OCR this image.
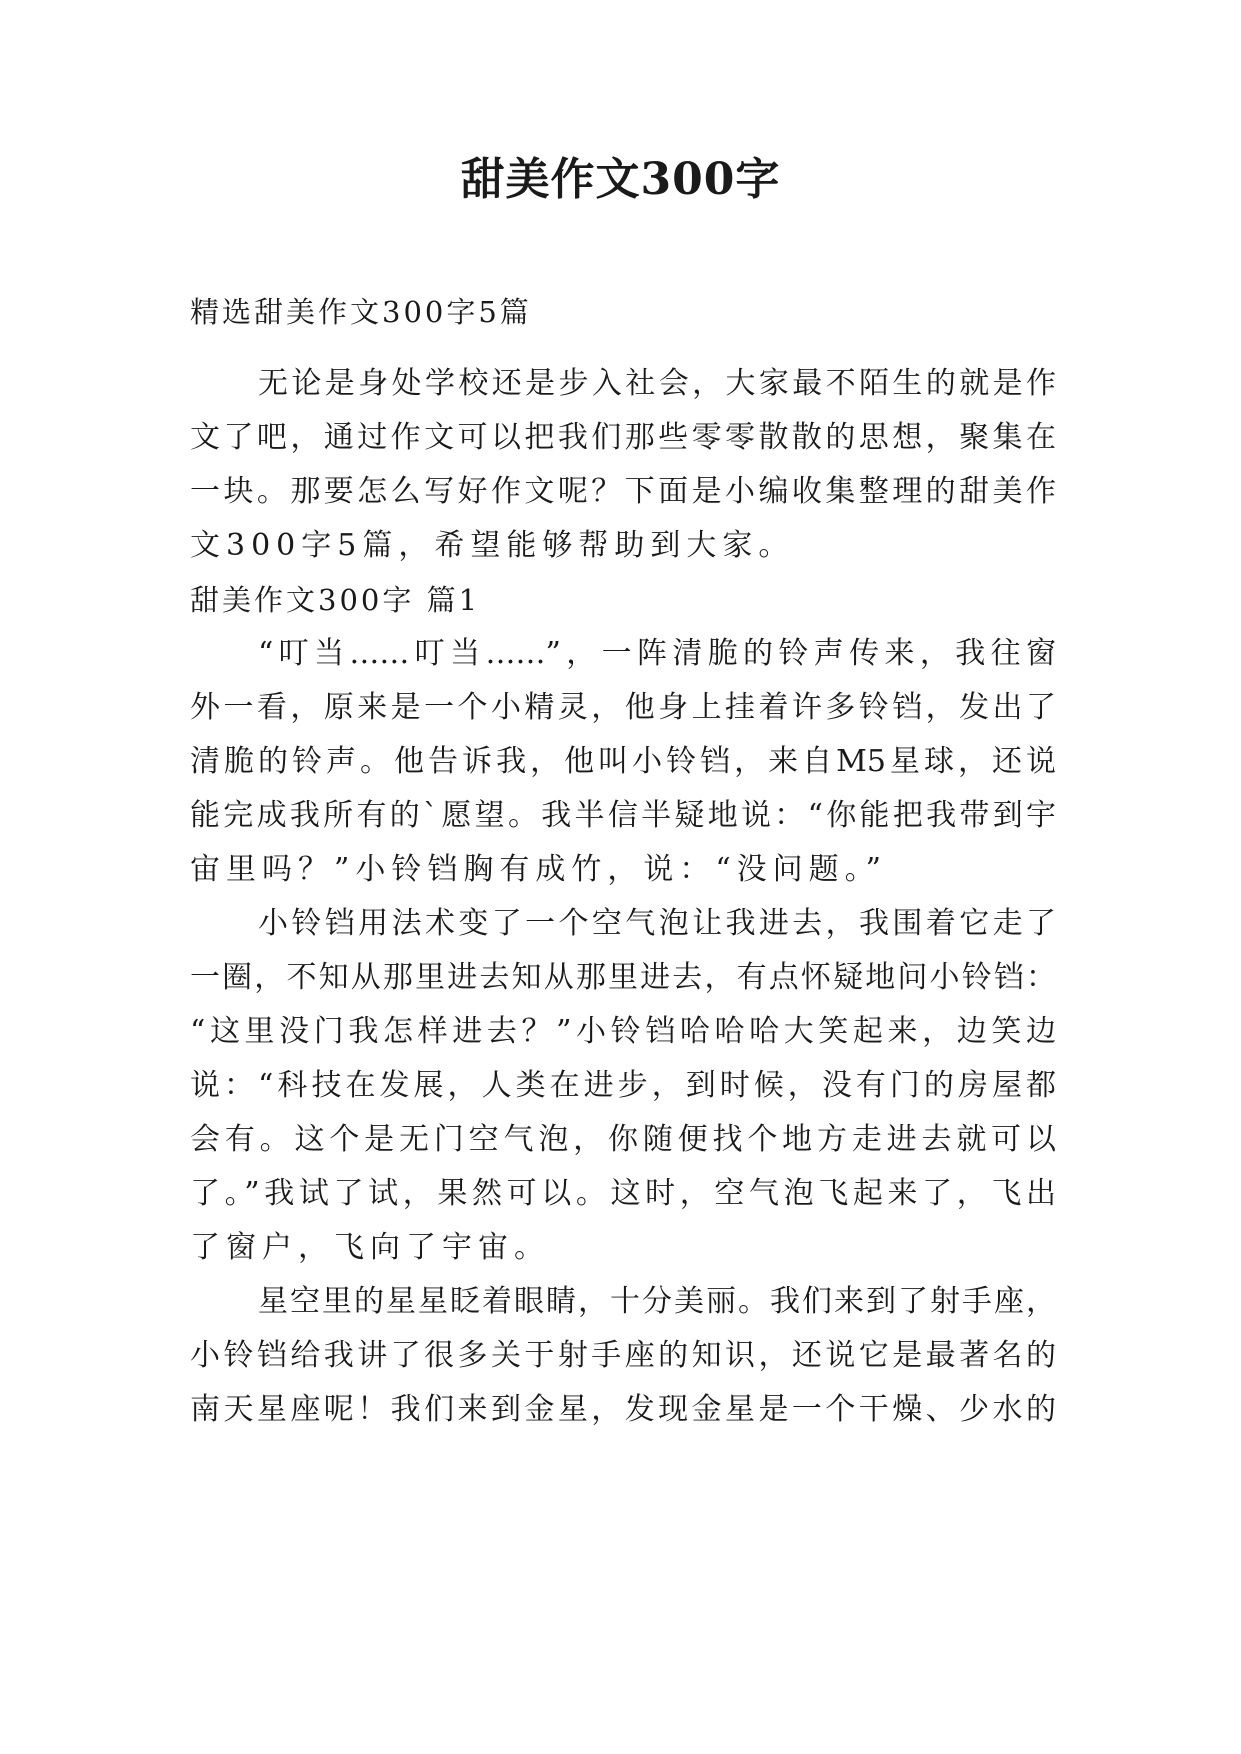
甜美作文300字
精选甜美作文300字5篇
无论是身处学校还是步入社会，大家最不陌生的就是作
文了吧，通过作文可以把我们那些零零散散的思想，聚集在
一块。那要怎么写好作文呢？下面是小编收集整理的甜美作
文300字5篇，希望能够帮助到大家。
甜美作文300字 篇1
“叮当……叮当……”，一阵清脆的铃声传来，我往窗
外一看，原来是一个小精灵，他身上挂着许多铃铛，发出了
清脆的铃声。他告诉我，他叫小铃铛，来自M5星球，还说
能完成我所有的`愿望。我半信半疑地说：“你能把我带到宇
宙里吗？”小铃铛胸有成竹，说：“没问题。”
小铃铛用法术变了一个空气泡让我进去，我围着它走了
一圈，不知从那里进去知从那里进去，有点怀疑地问小铃铛：
“这里没门我怎样进去？”小铃铛哈哈哈大笑起来，边笑边
说：“科技在发展，人类在进步，到时候，没有门的房屋都
会有。这个是无门空气泡，你随便找个地方走进去就可以
了。”我试了试，果然可以。这时，空气泡飞起来了，飞出
了窗户，飞向了宇宙。
星空里的星星眨着眼睛，十分美丽。我们来到了射手座，
小铃铛给我讲了很多关于射手座的知识，还说它是最著名的
南天星座呢！我们来到金星，发现金星是一个干燥、少水的
